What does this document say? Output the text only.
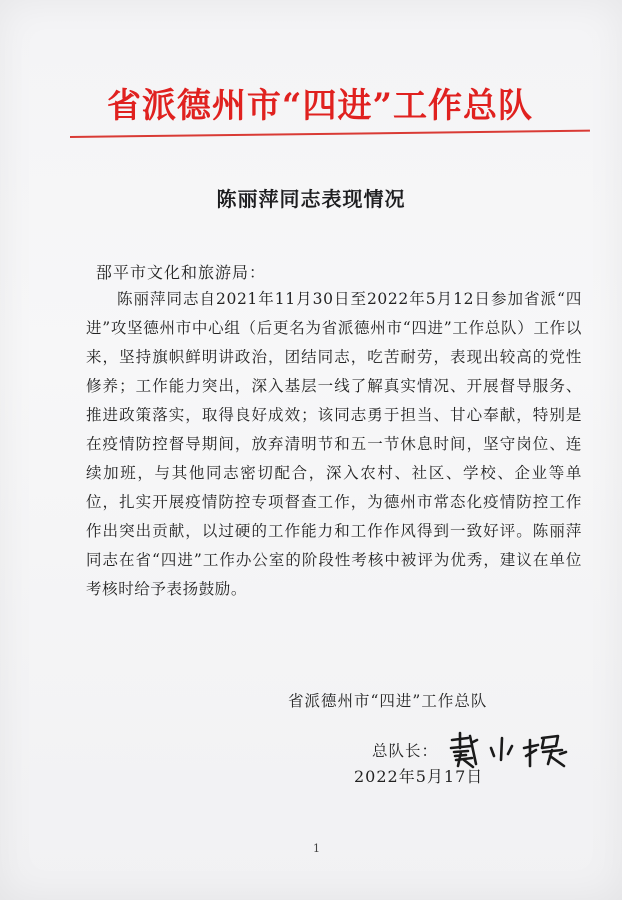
省派德州市“四进”工作总队
陈丽萍同志表现情况
郚平市文化和旅游局：

陈丽萍同志自2021年11月30日至2022年5月12日参加省派“四进”攻坚德州市中心组（后更名为省派德州市“四进”工作总队）工作以来，坚持旗帜鲜明讲政治，团结同志，吃苦耐劳，表现出较高的党性修养；工作能力突出，深入基层一线了解真实情况、开展督导服务、推进政策落实，取得良好成效；该同志勇于担当、甘心奉献，特别是在疫情防控督导期间，放弃清明节和五一节休息时间，坚守岗位、连续加班，与其他同志密切配合，深入农村、社区、学校、企业等单位，扎实开展疫情防控专项督查工作，为德州市常态化疫情防控工作作出突出贡献，以过硬的工作能力和工作作风得到一致好评。陈丽萍同志在省“四进”工作办公室的阶段性考核中被评为优秀，建议在单位考核时给予表扬鼓励。

省派德州市“四进”工作总队
总队长：
2022年5月17日
1
